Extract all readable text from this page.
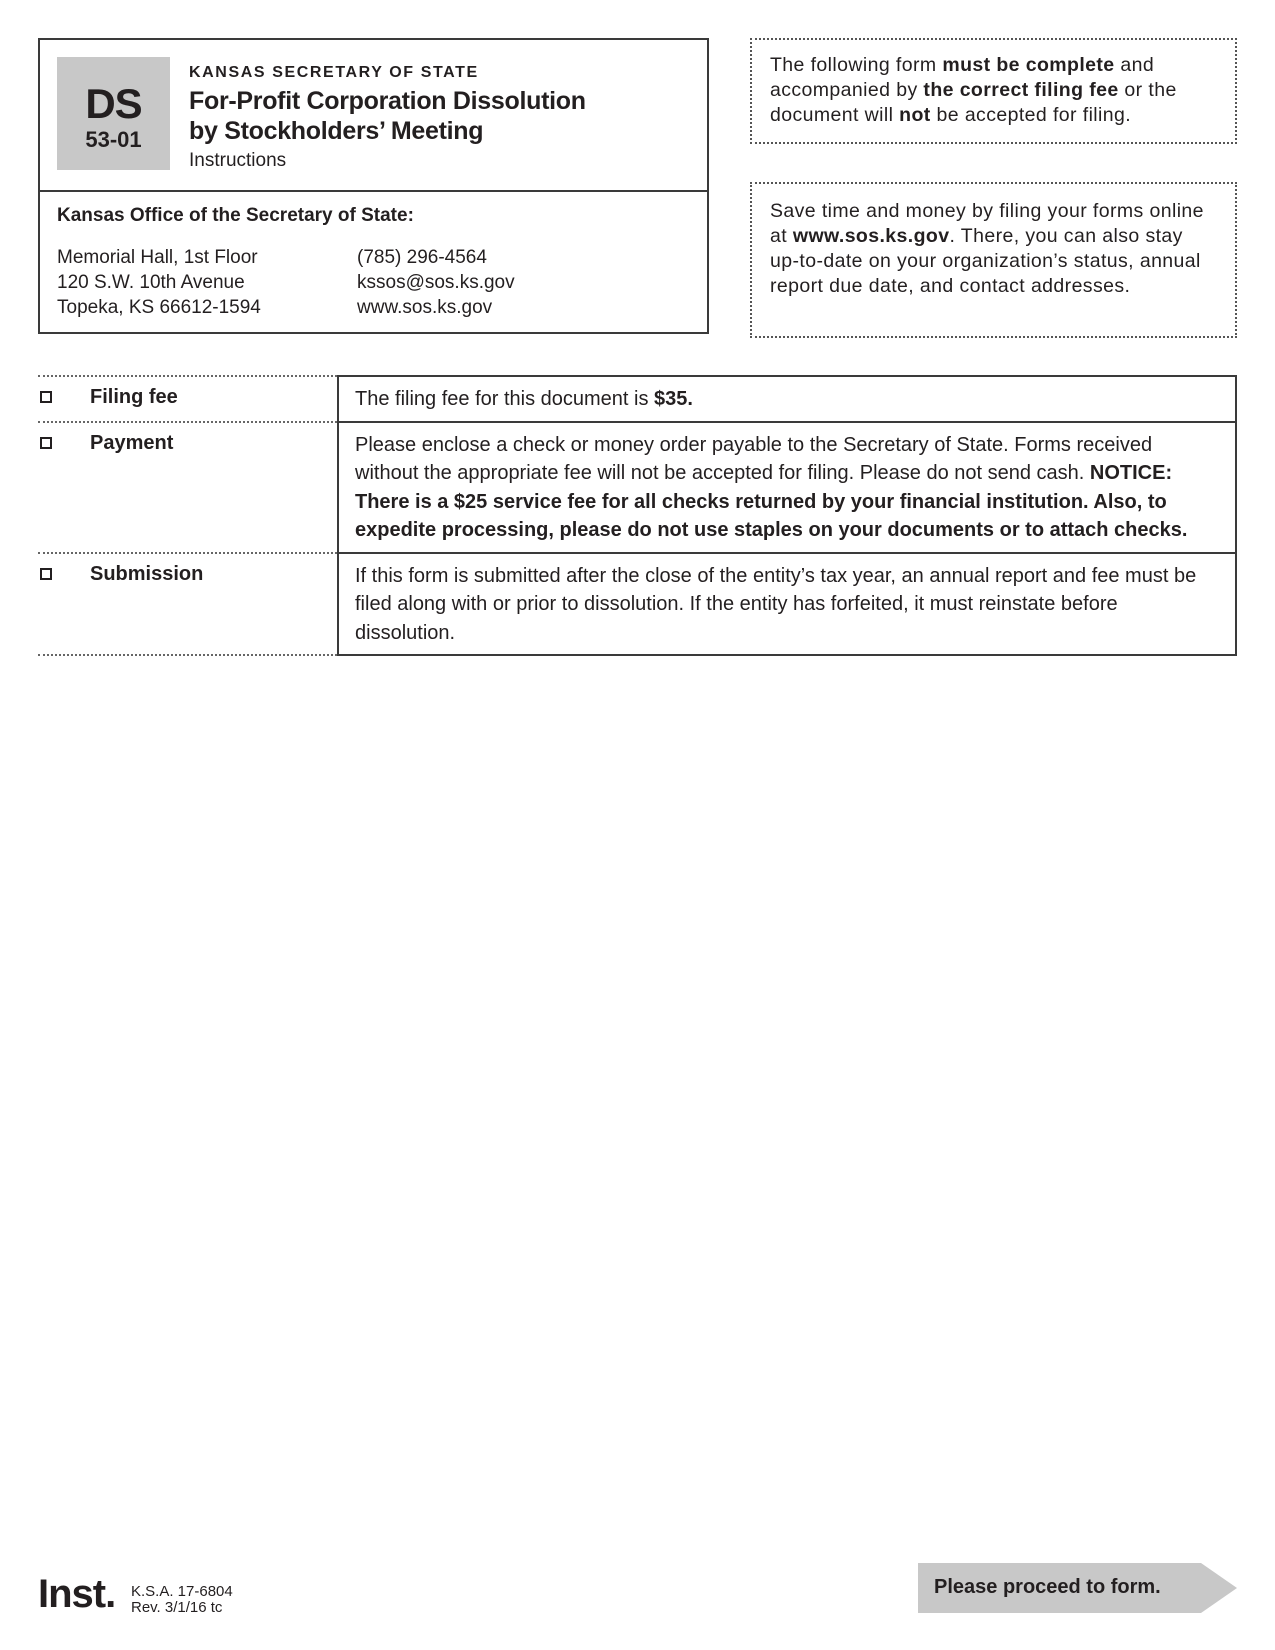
DS
53-01
KANSAS SECRETARY OF STATE
For-Profit Corporation Dissolution
by Stockholders’ Meeting
Instructions
Kansas Office of the Secretary of State:
Memorial Hall, 1st Floor
120 S.W. 10th Avenue
Topeka, KS 66612-1594
(785) 296-4564
kssos@sos.ks.gov
www.sos.ks.gov
The following form must be complete and accompanied by the correct filing fee or the document will not be accepted for filing.
Save time and money by filing your forms online at www.sos.ks.gov. There, you can also stay up-to-date on your organization’s status, annual report due date, and contact addresses.
Filing fee	The filing fee for this document is $35.
Payment	Please enclose a check or money order payable to the Secretary of State. Forms received without the appropriate fee will not be accepted for filing. Please do not send cash. NOTICE: There is a $25 service fee for all checks returned by your financial institution. Also, to expedite processing, please do not use staples on your documents or to attach checks.
Submission	If this form is submitted after the close of the entity’s tax year, an annual report and fee must be filed along with or prior to dissolution. If the entity has forfeited, it must reinstate before dissolution.
Inst. K.S.A. 17-6804
Rev. 3/1/16 tc
Please proceed to form.
